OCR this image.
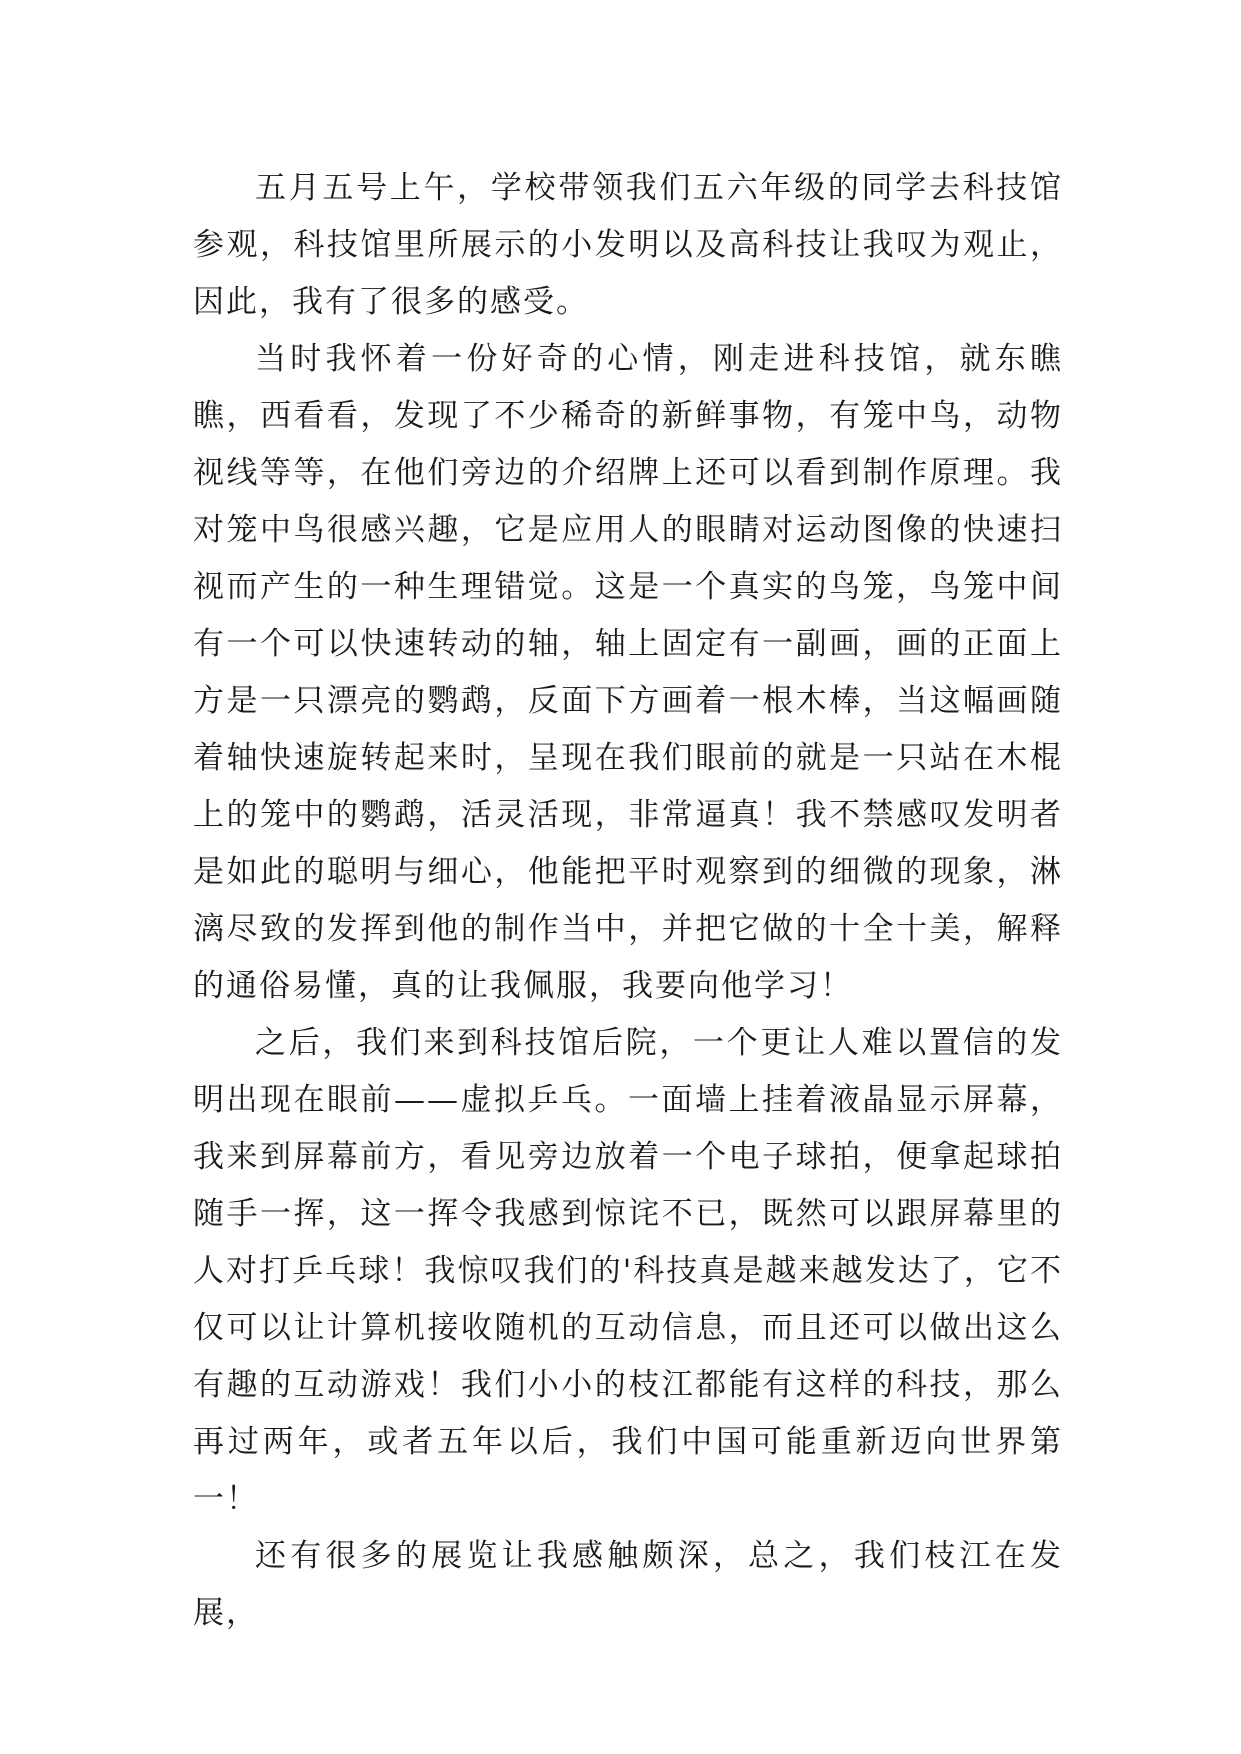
五月五号上午，学校带领我们五六年级的同学去科技馆参观，科技馆里所展示的小发明以及高科技让我叹为观止，因此，我有了很多的感受。

当时我怀着一份好奇的心情，刚走进科技馆，就东瞧瞧，西看看，发现了不少稀奇的新鲜事物，有笼中鸟，动物视线等等，在他们旁边的介绍牌上还可以看到制作原理。我对笼中鸟很感兴趣，它是应用人的眼睛对运动图像的快速扫视而产生的一种生理错觉。这是一个真实的鸟笼，鸟笼中间有一个可以快速转动的轴，轴上固定有一副画，画的正面上方是一只漂亮的鹦鹉，反面下方画着一根木棒，当这幅画随着轴快速旋转起来时，呈现在我们眼前的就是一只站在木棍上的笼中的鹦鹉，活灵活现，非常逼真！我不禁感叹发明者是如此的聪明与细心，他能把平时观察到的细微的现象，淋漓尽致的发挥到他的制作当中，并把它做的十全十美，解释的通俗易懂，真的让我佩服，我要向他学习！

之后，我们来到科技馆后院，一个更让人难以置信的发明出现在眼前——虚拟乒乓。一面墙上挂着液晶显示屏幕，我来到屏幕前方，看见旁边放着一个电子球拍，便拿起球拍随手一挥，这一挥令我感到惊诧不已，既然可以跟屏幕里的人对打乒乓球！我惊叹我们的'科技真是越来越发达了，它不仅可以让计算机接收随机的互动信息，而且还可以做出这么有趣的互动游戏！我们小小的枝江都能有这样的科技，那么再过两年，或者五年以后，我们中国可能重新迈向世界第一！

还有很多的展览让我感触颇深，总之，我们枝江在发展，
